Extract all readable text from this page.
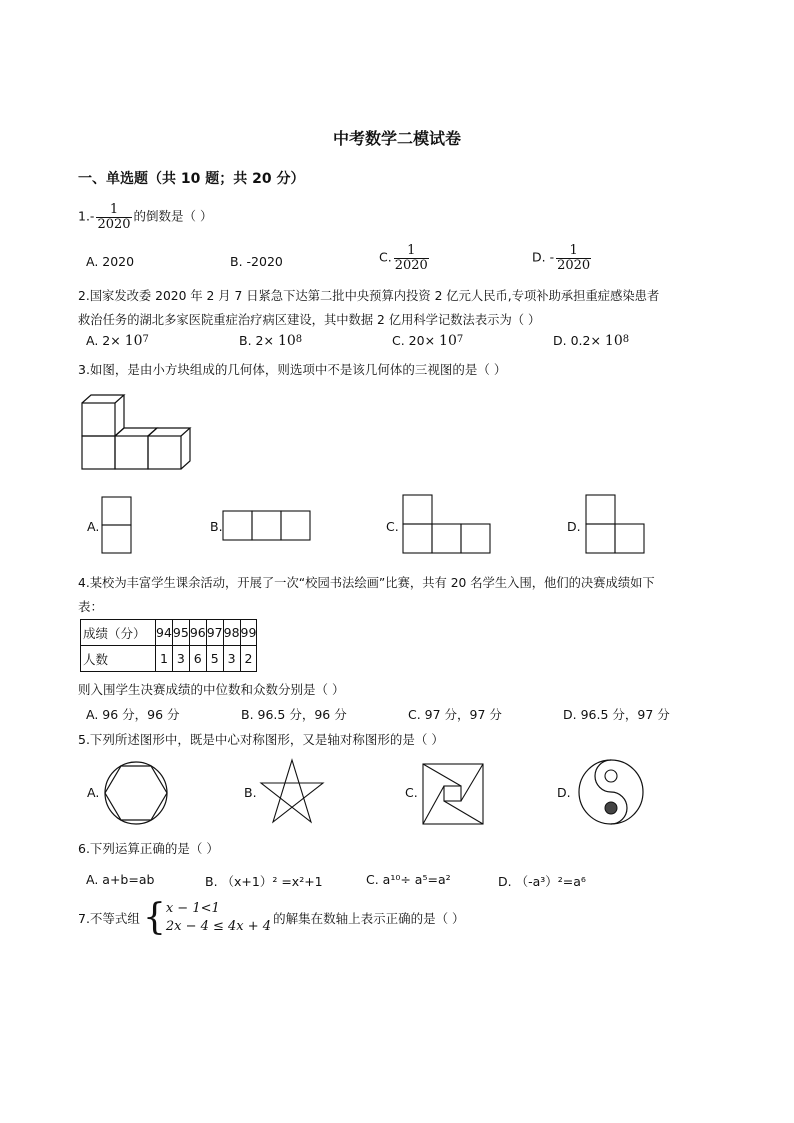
中考数学二模试卷
一、单选题（共 10 题；共 20 分）
$1.- \frac{1}{2020}$ 的倒数是（ ）
A. 2020	B. -2020	C. $\frac{1}{2020}$	D. - $\frac{1}{2020}$
2.国家发改委 2020 年 2 月 7 日紧急下达第二批中央预算内投资 2 亿元人民币,专项补助承担重症感染患者
救治任务的湖北多家医院重症治疗病区建设，其中数据 2 亿用科学记数法表示为（ ）
A. $2\times 10^7$	B. $2\times 10^8$	C. $20\times 10^7$	D. $0.2\times 10^8$
3.如图，是由小方块组成的几何体，则选项中不是该几何体的三视图的是（ ）
A.	B.	C.	D.
4.某校为丰富学生课余活动，开展了一次“校园书法绘画”比赛，共有 20 名学生入围，他们的决赛成绩如下
表：
成绩（分）	94	95	96	97	98	99
人数	1	3	6	5	3	2
则入围学生决赛成绩的中位数和众数分别是（ ）
A. 96 分，96 分	B. 96.5 分，96 分	C. 97 分，97 分	D. 96.5 分，97 分
5.下列所述图形中，既是中心对称图形，又是轴对称图形的是（ ）
A.	B.	C.	D.
6.下列运算正确的是（ ）
A. a+b=ab	B. （x+1）² =x²+1	C. a¹⁰÷ a⁵=a²	D. （-a³）²=a⁶
7.不等式组 { x − 1<1
2x − 4 ≤ 4x + 4
的解集在数轴上表示正确的是（ ）
